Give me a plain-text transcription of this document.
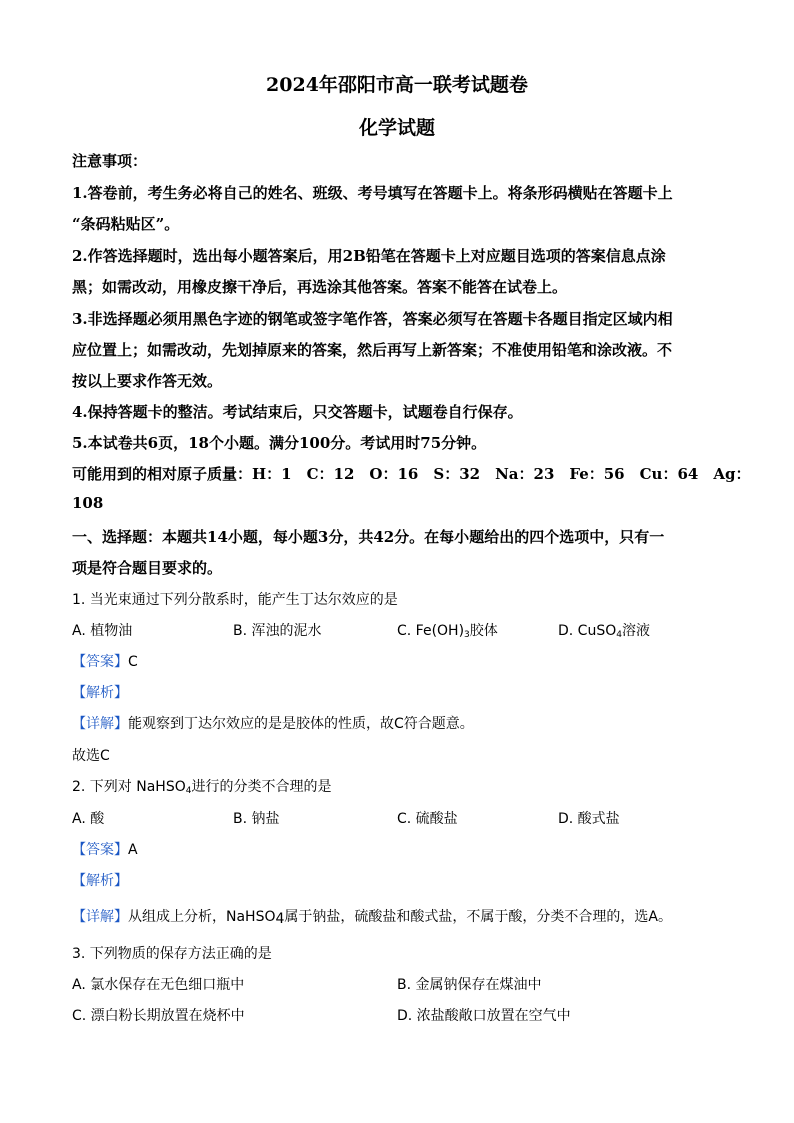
2024年邵阳市高一联考试题卷
化学试题
注意事项：
1.答卷前，考生务必将自己的姓名、班级、考号填写在答题卡上。将条形码横贴在答题卡上
“条码粘贴区”。
2.作答选择题时，选出每小题答案后，用2B铅笔在答题卡上对应题目选项的答案信息点涂
黑；如需改动，用橡皮擦干净后，再选涂其他答案。答案不能答在试卷上。
3.非选择题必须用黑色字迹的钢笔或签字笔作答，答案必须写在答题卡各题目指定区域内相
应位置上；如需改动，先划掉原来的答案，然后再写上新答案；不准使用铅笔和涂改液。不
按以上要求作答无效。
4.保持答题卡的整洁。考试结束后，只交答题卡，试题卷自行保存。
5.本试卷共6页，18个小题。满分100分。考试用时75分钟。
可能用到的相对原子质量：H：1　C：12　O：16　S：32　Na：23　Fe：56　Cu：64　Ag：
108
一、选择题：本题共14小题，每小题3分，共42分。在每小题给出的四个选项中，只有一
项是符合题目要求的。
1. 当光束通过下列分散系时，能产生丁达尔效应的是
A. 植物油	B. 浑浊的泥水	C. $Fe(OH)_3$胶体	D. CuSO$_4$溶液
【答案】C
【解析】
【详解】能观察到丁达尔效应的是是胶体的性质，故C符合题意。
故选C
2. 下列对 NaHSO$_4$进行的分类不合理的是
A. 酸	B. 钠盐	C. 硫酸盐	D. 酸式盐
【答案】A
【解析】
【详解】从组成上分析，NaHSO$_4$属于钠盐，硫酸盐和酸式盐，不属于酸，分类不合理的，选A。
3. 下列物质的保存方法正确的是
A. 氯水保存在无色细口瓶中	B. 金属钠保存在煤油中
C. 漂白粉长期放置在烧杯中	D. 浓盐酸敞口放置在空气中
